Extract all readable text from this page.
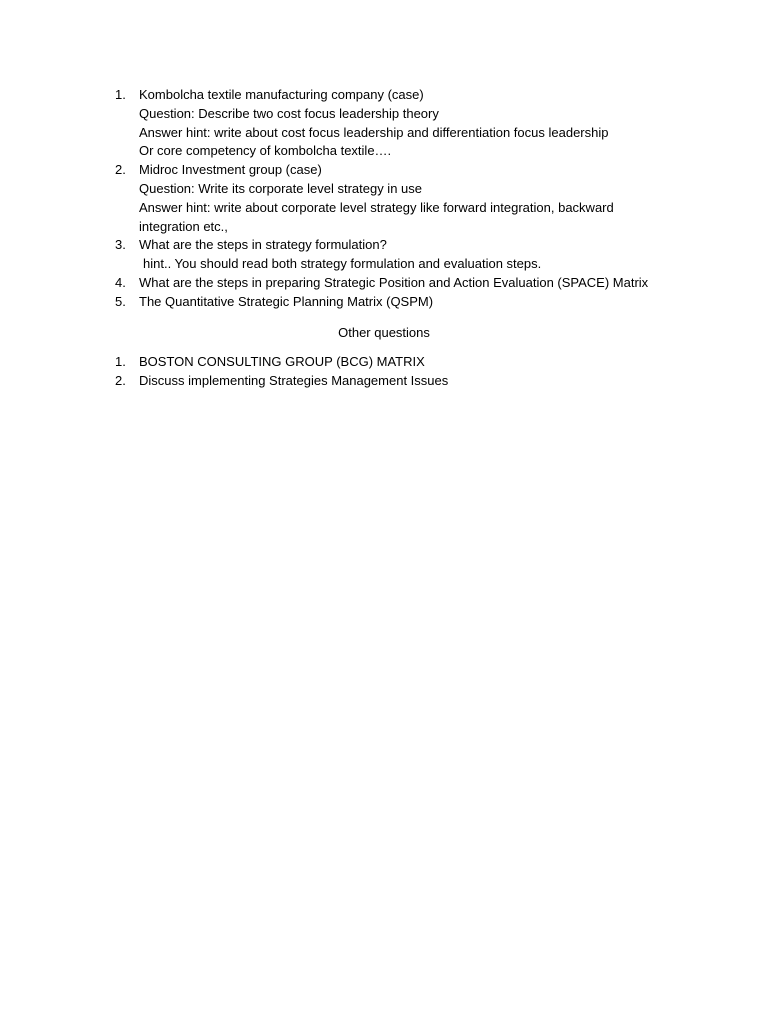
1.	Kombolcha textile manufacturing company (case)
Question: Describe two cost focus leadership theory
Answer hint: write about cost focus leadership and differentiation focus leadership
Or core competency of kombolcha textile….
2.	Midroc Investment group (case)
Question: Write its corporate level strategy in use
Answer hint: write about corporate level strategy like forward integration, backward
integration etc.,
3.	What are the steps in strategy formulation?
hint.. You should read both strategy formulation and evaluation steps.
4.	What are the steps in preparing Strategic Position and Action Evaluation (SPACE) Matrix
5.	The Quantitative Strategic Planning Matrix (QSPM)
Other questions
1.	BOSTON CONSULTING GROUP (BCG) MATRIX
2.	Discuss implementing Strategies Management Issues
